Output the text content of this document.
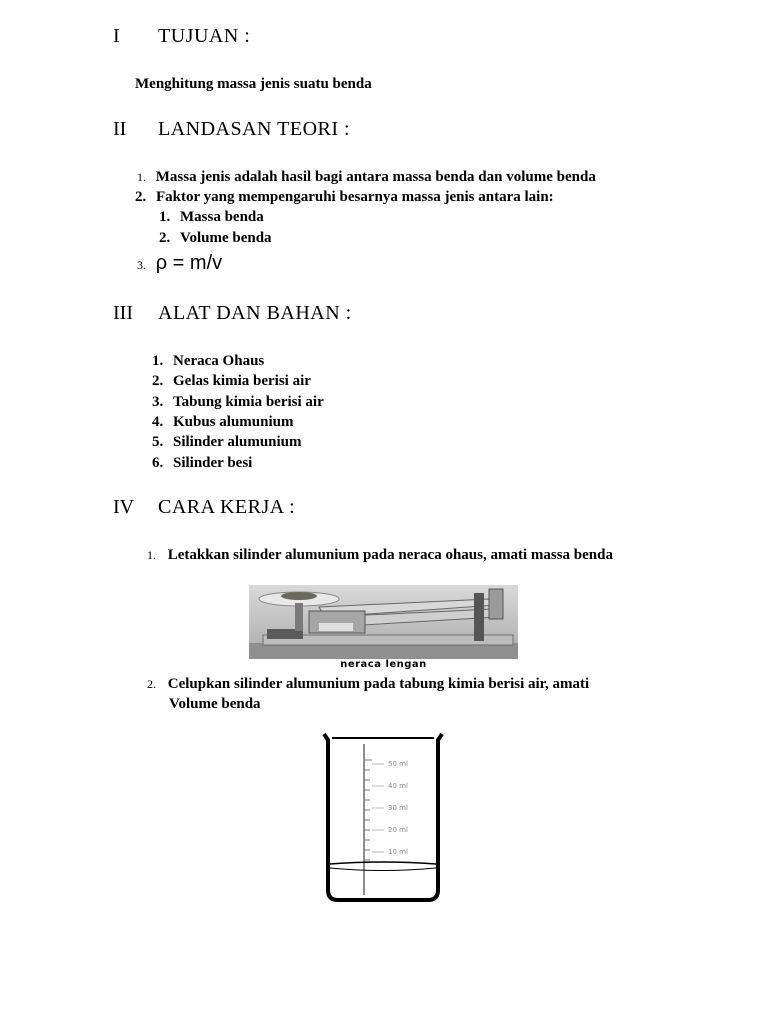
I TUJUAN :
Menghitung massa jenis suatu benda
II LANDASAN TEORI :
1. Massa jenis adalah hasil bagi antara massa benda dan volume benda
2. Faktor yang mempengaruhi besarnya massa jenis antara lain:
1. Massa benda
2. Volume benda
3. ρ = m/v
III ALAT DAN BAHAN :
1. Neraca Ohaus
2. Gelas kimia berisi air
3. Tabung kimia berisi air
4. Kubus alumunium
5. Silinder alumunium
6. Silinder besi
IV CARA KERJA :
1. Letakkan silinder alumunium pada neraca ohaus, amati massa benda
neraca lengan
2. Celupkan silinder alumunium pada tabung kimia berisi air, amati
Volume benda
50 ml
40 ml
30 ml
20 ml
10 ml
